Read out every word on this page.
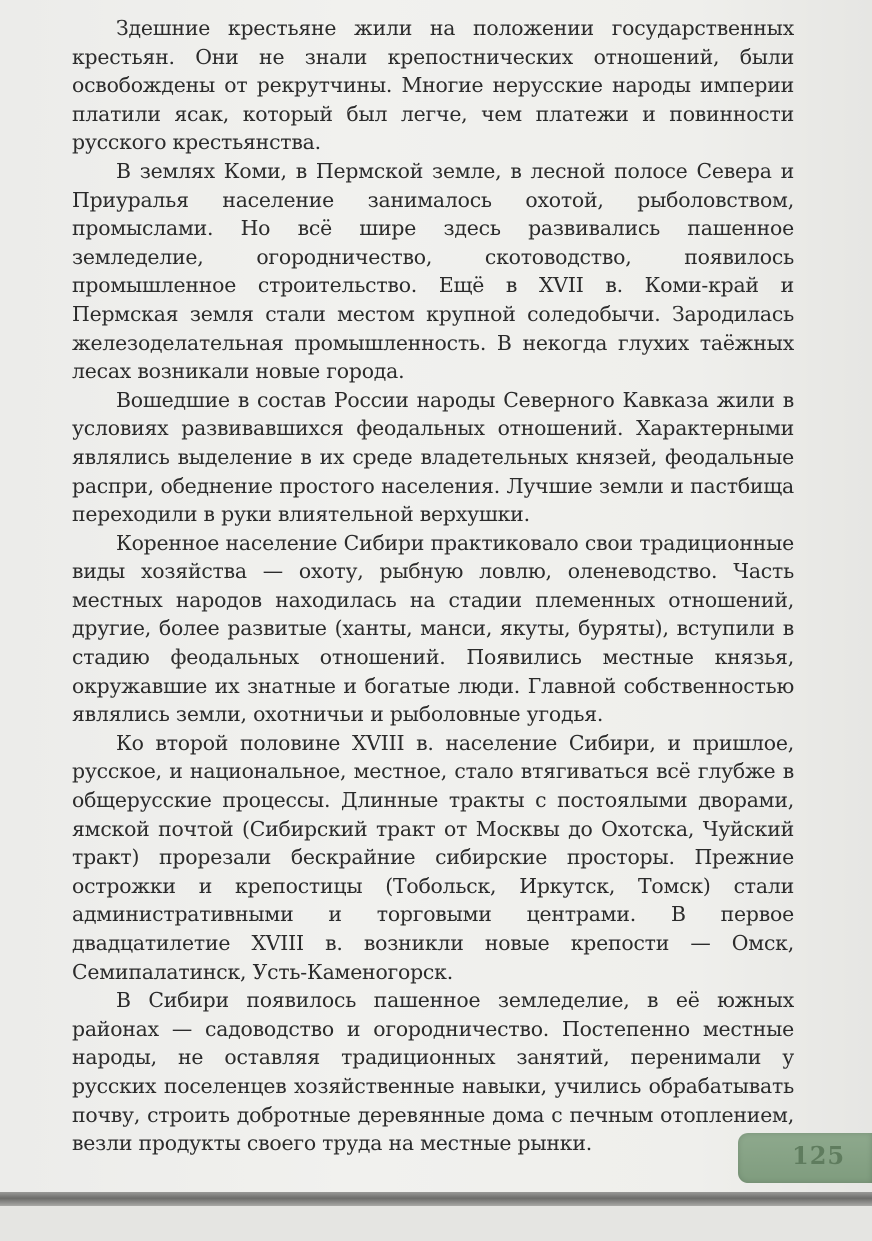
Здешние крестьяне жили на положении государственных крестьян. Они не знали крепостнических отношений, были освобождены от рекрутчины. Многие нерусские народы империи платили ясак, который был легче, чем платежи и повинности русского крестьянства.

В землях Коми, в Пермской земле, в лесной полосе Севера и Приуралья население занималось охотой, рыболовством, промыслами. Но всё шире здесь развивались пашенное земледелие, огородничество, скотоводство, появилось промышленное строительство. Ещё в XVII в. Коми-край и Пермская земля стали местом крупной соледобычи. Зародилась железоделательная промышленность. В некогда глухих таёжных лесах возникали новые города.

Вошедшие в состав России народы Северного Кавказа жили в условиях развивавшихся феодальных отношений. Характерными являлись выделение в их среде владетельных князей, феодальные распри, обеднение простого населения. Лучшие земли и пастбища переходили в руки влиятельной верхушки.

Коренное население Сибири практиковало свои традиционные виды хозяйства — охоту, рыбную ловлю, оленеводство. Часть местных народов находилась на стадии племенных отношений, другие, более развитые (ханты, манси, якуты, буряты), вступили в стадию феодальных отношений. Появились местные князья, окружавшие их знатные и богатые люди. Главной собственностью являлись земли, охотничьи и рыболовные угодья.

Ко второй половине XVIII в. население Сибири, и пришлое, русское, и национальное, местное, стало втягиваться всё глубже в общерусские процессы. Длинные тракты с постоялыми дворами, ямской почтой (Сибирский тракт от Москвы до Охотска, Чуйский тракт) прорезали бескрайние сибирские просторы. Прежние острожки и крепостицы (Тобольск, Иркутск, Томск) стали административными и торговыми центрами. В первое двадцатилетие XVIII в. возникли новые крепости — Омск, Семипалатинск, Усть-Каменогорск.

В Сибири появилось пашенное земледелие, в её южных районах — садоводство и огородничество. Постепенно местные народы, не оставляя традиционных занятий, перенимали у русских поселенцев хозяйственные навыки, учились обрабатывать почву, строить добротные деревянные дома с печным отоплением, везли продукты своего труда на местные рынки.	125
